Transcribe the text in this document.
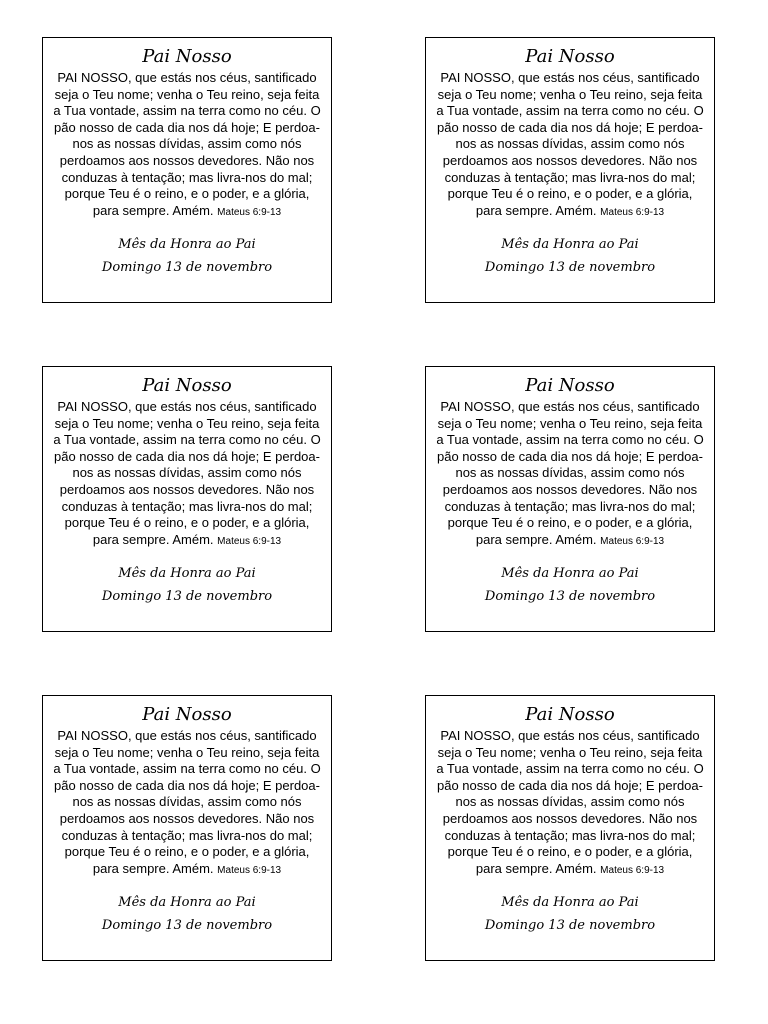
Pai Nosso
PAI NOSSO, que estás nos céus, santificado seja o Teu nome; venha o Teu reino, seja feita a Tua vontade, assim na terra como no céu. O pão nosso de cada dia nos dá hoje; E perdoa-nos as nossas dívidas, assim como nós perdoamos aos nossos devedores. Não nos conduzas à tentação; mas livra-nos do mal; porque Teu é o reino, e o poder, e a glória, para sempre. Amém. Mateus 6:9-13
Mês da Honra ao Pai
Domingo 13 de novembro
Pai Nosso
PAI NOSSO, que estás nos céus, santificado seja o Teu nome; venha o Teu reino, seja feita a Tua vontade, assim na terra como no céu. O pão nosso de cada dia nos dá hoje; E perdoa-nos as nossas dívidas, assim como nós perdoamos aos nossos devedores. Não nos conduzas à tentação; mas livra-nos do mal; porque Teu é o reino, e o poder, e a glória, para sempre. Amém. Mateus 6:9-13
Mês da Honra ao Pai
Domingo 13 de novembro
Pai Nosso
PAI NOSSO, que estás nos céus, santificado seja o Teu nome; venha o Teu reino, seja feita a Tua vontade, assim na terra como no céu. O pão nosso de cada dia nos dá hoje; E perdoa-nos as nossas dívidas, assim como nós perdoamos aos nossos devedores. Não nos conduzas à tentação; mas livra-nos do mal; porque Teu é o reino, e o poder, e a glória, para sempre. Amém. Mateus 6:9-13
Mês da Honra ao Pai
Domingo 13 de novembro
Pai Nosso
PAI NOSSO, que estás nos céus, santificado seja o Teu nome; venha o Teu reino, seja feita a Tua vontade, assim na terra como no céu. O pão nosso de cada dia nos dá hoje; E perdoa-nos as nossas dívidas, assim como nós perdoamos aos nossos devedores. Não nos conduzas à tentação; mas livra-nos do mal; porque Teu é o reino, e o poder, e a glória, para sempre. Amém. Mateus 6:9-13
Mês da Honra ao Pai
Domingo 13 de novembro
Pai Nosso
PAI NOSSO, que estás nos céus, santificado seja o Teu nome; venha o Teu reino, seja feita a Tua vontade, assim na terra como no céu. O pão nosso de cada dia nos dá hoje; E perdoa-nos as nossas dívidas, assim como nós perdoamos aos nossos devedores. Não nos conduzas à tentação; mas livra-nos do mal; porque Teu é o reino, e o poder, e a glória, para sempre. Amém. Mateus 6:9-13
Mês da Honra ao Pai
Domingo 13 de novembro
Pai Nosso
PAI NOSSO, que estás nos céus, santificado seja o Teu nome; venha o Teu reino, seja feita a Tua vontade, assim na terra como no céu. O pão nosso de cada dia nos dá hoje; E perdoa-nos as nossas dívidas, assim como nós perdoamos aos nossos devedores. Não nos conduzas à tentação; mas livra-nos do mal; porque Teu é o reino, e o poder, e a glória, para sempre. Amém. Mateus 6:9-13
Mês da Honra ao Pai
Domingo 13 de novembro
